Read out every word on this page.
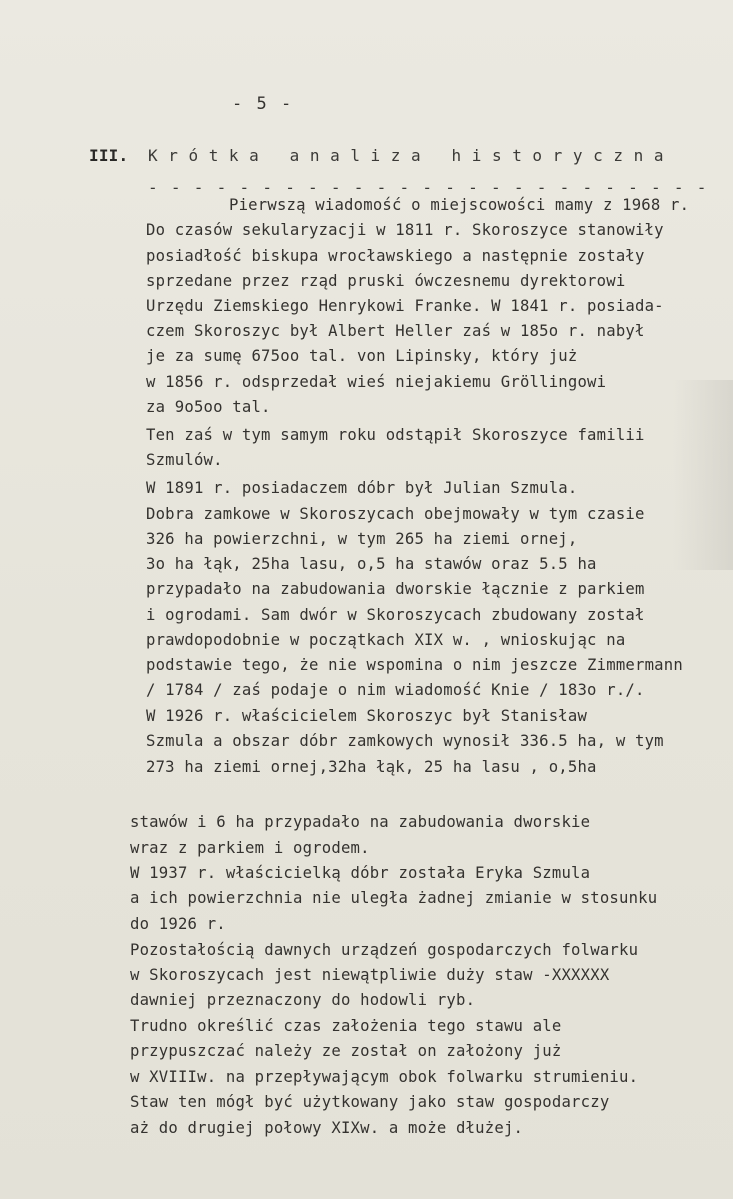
- 5 -
III. Krótka analiza historyczna
- - - - - - - - - - - - - - - - - - - - - - - - -
Pierwszą wiadomość o miejscowości mamy z 1968 r.
Do czasów sekularyzacji w 1811 r. Skoroszyce stanowiły
posiadłość biskupa wrocławskiego a następnie zostały
sprzedane przez rząd pruski ówczesnemu dyrektorowi
Urzędu Ziemskiego Henrykowi Franke. W 1841 r. posiada-
czem Skoroszyc był Albert Heller zaś w 185o r. nabył
je za sumę 675oo tal. von Lipinsky, który już
w 1856 r. odsprzedał wieś niejakiemu Gröllingowi
za 9o5oo tal.
Ten zaś w tym samym roku odstąpił Skoroszyce familii
Szmulów.
W 1891 r. posiadaczem dóbr był Julian Szmula.
Dobra zamkowe w Skoroszycach obejmowały w tym czasie
326 ha powierzchni, w tym 265 ha ziemi ornej,
3o ha łąk, 25ha lasu, o,5 ha stawów oraz 5.5 ha
przypadało na zabudowania dworskie łącznie z parkiem
i ogrodami. Sam dwór w Skoroszycach zbudowany został
prawdopodobnie w początkach XIX w. , wnioskując na
podstawie tego, że nie wspomina o nim jeszcze Zimmermann
/ 1784 / zaś podaje o nim wiadomość Knie / 183o r./.
W 1926 r. właścicielem Skoroszyc był Stanisław
Szmula a obszar dóbr zamkowych wynosił 336.5 ha, w tym
273 ha ziemi ornej,32ha łąk, 25 ha lasu , o,5ha
stawów i 6 ha przypadało na zabudowania dworskie
wraz z parkiem i ogrodem.
W 1937 r. właścicielką dóbr została Eryka Szmula
a ich powierzchnia nie uległa żadnej zmianie w stosunku
do 1926 r.
Pozostałością dawnych urządzeń gospodarczych folwarku
w Skoroszycach jest niewątpliwie duży staw -XXXXXX
dawniej przeznaczony do hodowli ryb.
Trudno określić czas założenia tego stawu ale
przypuszczać należy ze został on założony już
w XVIIIw. na przepływającym obok folwarku strumieniu.
Staw ten mógł być użytkowany jako staw gospodarczy
aż do drugiej połowy XIXw. a może dłużej.
